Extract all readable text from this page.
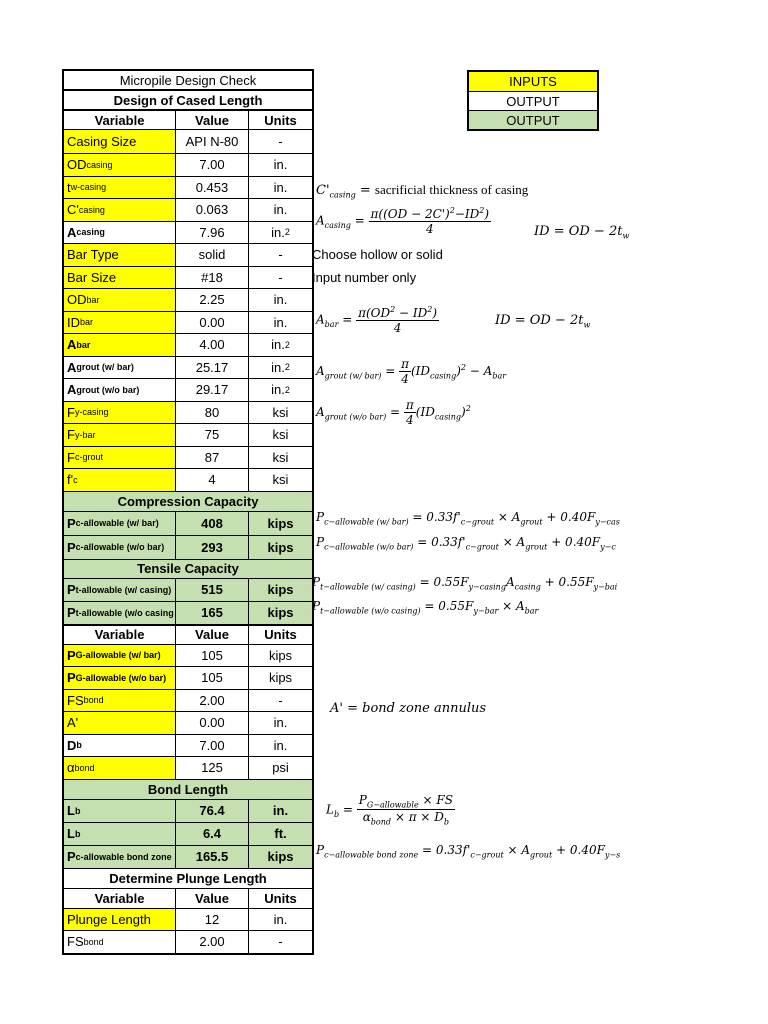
Micropile Design Check
Design of Cased Length
Variable	Value	Units
Casing Size	API N-80	-
OD casing	7.00	in.
t w-casing	0.453	in.
C' casing	0.063	in.
A casing	7.96	in. 2
Bar Type	solid	-
Bar Size	#18	-
OD bar	2.25	in.
ID bar	0.00	in.
A bar	4.00	in. 2
A grout (w/ bar)	25.17	in. 2
A grout (w/o bar)	29.17	in. 2
F y-casing	80	ksi
F y-bar	75	ksi
F c-grout	87	ksi
f' c	4	ksi
Compression Capacity
P c-allowable (w/ bar)	408	kips
P c-allowable (w/o bar)	293	kips
Tensile Capacity
P t-allowable (w/ casing)	515	kips
P t-allowable (w/o casing	165	kips
Variable	Value	Units
P G-allowable (w/ bar)	105	kips
P G-allowable (w/o bar)	105	kips
FS bond	2.00	-
A'	0.00	in.
D b	7.00	in.
α bond	125	psi
Bond Length
L b	76.4	in.
L b	6.4	ft.
P c-allowable bond zone	165.5	kips
Determine Plunge Length
Variable	Value	Units
Plunge Length	12	in.
FS bond	2.00	-
INPUTS
OUTPUT
OUTPUT
$C'_{casing}$ = sacrificial thickness of casing
$A_{casing} = \frac{\pi((OD - 2C')^2-ID^2)}{4}$	ID = OD − $2t_w$
Choose hollow or solid
Input number only
$A_{bar} = \frac{\pi(OD^2 - ID^2)}{4}$	ID = OD − $2t_w$
$A_{grout (w/ bar)} = \frac{\pi}{4} (ID_{casing})^2 - A_{bar}$
$A_{grout (w/o bar)} = \frac{\pi}{4} (ID_{casing})^2$
$P_{c-allowable (w/ bar)} = 0.33f'_{c-grout} \times A_{grout} + 0.40F_{y-cas}$
$P_{c-allowable (w/o bar)} = 0.33f'_{c-grout} \times A_{grout} + 0.40F_{y-c}$
$P_{t-allowable (w/ casing)} = 0.55F_{y-casing}A_{casing} + 0.55F_{y-bai}$
$P_{t-allowable (w/o casing)} = 0.55F_{y-bar} \times A_{bar}$
A' = bond zone annulus
$L_b = \frac{P_{G-allowable} \times FS}{\alpha_{bond} \times \pi \times D_b}$
$P_{c-allowable bond zone} = 0.33f'_{c-grout} \times A_{grout} + 0.40F_{y-s}$
